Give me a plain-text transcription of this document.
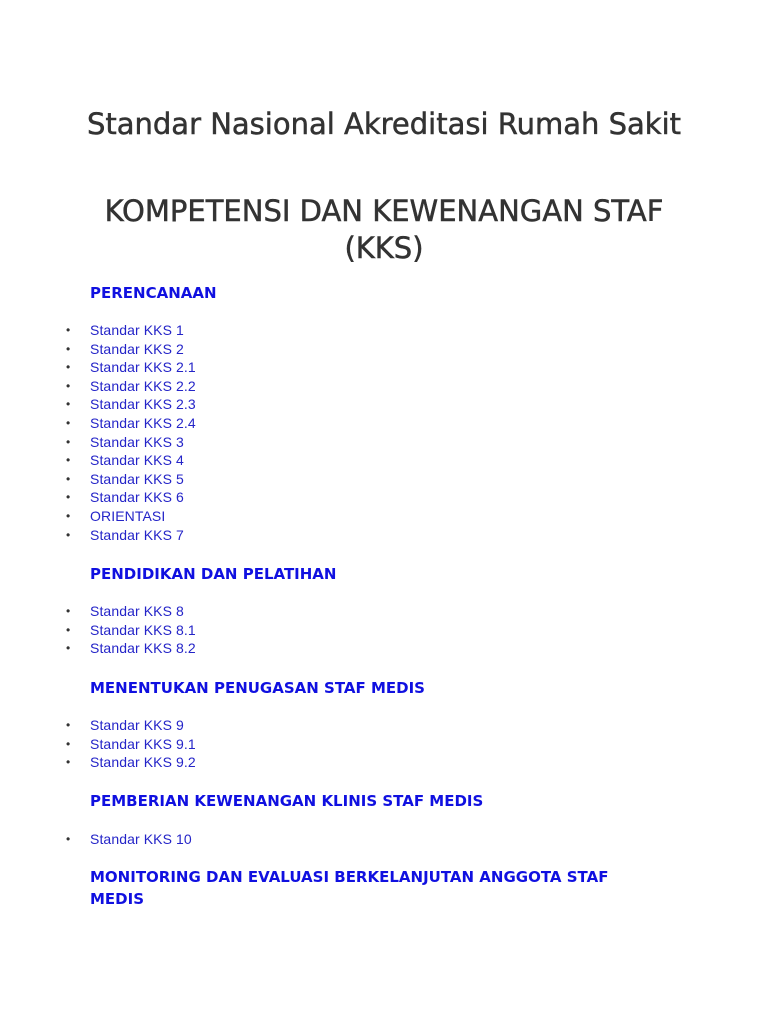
Standar Nasional Akreditasi Rumah Sakit
KOMPETENSI DAN KEWENANGAN STAF (KKS)
PERENCANAAN
• Standar KKS 1
• Standar KKS 2
• Standar KKS 2.1
• Standar KKS 2.2
• Standar KKS 2.3
• Standar KKS 2.4
• Standar KKS 3
• Standar KKS 4
• Standar KKS 5
• Standar KKS 6
• ORIENTASI
• Standar KKS 7
PENDIDIKAN DAN PELATIHAN
• Standar KKS 8
• Standar KKS 8.1
• Standar KKS 8.2
MENENTUKAN PENUGASAN STAF MEDIS
• Standar KKS 9
• Standar KKS 9.1
• Standar KKS 9.2
PEMBERIAN KEWENANGAN KLINIS STAF MEDIS
• Standar KKS 10
MONITORING DAN EVALUASI BERKELANJUTAN ANGGOTA STAF MEDIS
